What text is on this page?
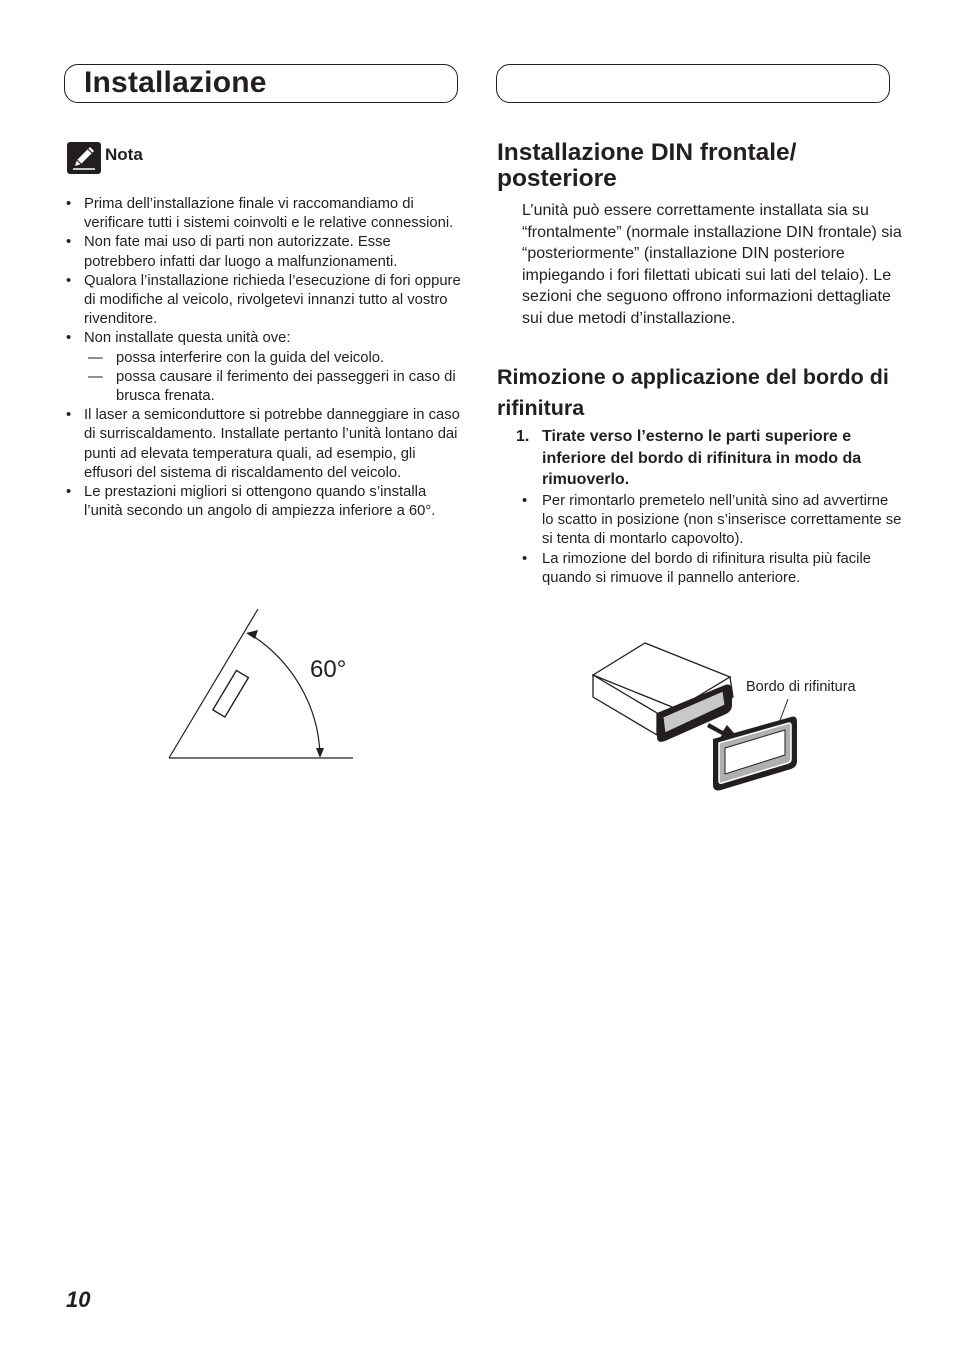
Installazione
Nota
• Prima dell’installazione finale vi raccomandiamo di verificare tutti i sistemi coinvolti e le relative connessioni.
• Non fate mai uso di parti non autorizzate. Esse potrebbero infatti dar luogo a malfunzionamenti.
• Qualora l’installazione richieda l’esecuzione di fori oppure di modifiche al veicolo, rivolgetevi innanzi tutto al vostro rivenditore.
• Non installate questa unità ove:
— possa interferire con la guida del veicolo.
— possa causare il ferimento dei passeggeri in caso di brusca frenata.
• Il laser a semiconduttore si potrebbe danneggiare in caso di surriscaldamento. Installate pertanto l’unità lontano dai punti ad elevata temperatura quali, ad esempio, gli effusori del sistema di riscaldamento del veicolo.
• Le prestazioni migliori si ottengono quando s’installa l’unità secondo un angolo di ampiezza inferiore a 60°.
60°
Installazione DIN frontale/ posteriore

L’unità può essere correttamente installata sia su “frontalmente” (normale installazione DIN frontale) sia “posteriormente” (installazione DIN posteriore impiegando i fori filettati ubicati sui lati del telaio). Le sezioni che seguono offrono informazioni dettagliate sui due metodi d’installazione.

Rimozione o applicazione del bordo di rifinitura
1. Tirate verso l’esterno le parti superiore e inferiore del bordo di rifinitura in modo da rimuoverlo.
• Per rimontarlo premetelo nell’unità sino ad avvertirne lo scatto in posizione (non s’inserisce correttamente se si tenta di montarlo capovolto).
• La rimozione del bordo di rifinitura risulta più facile quando si rimuove il pannello anteriore.
Bordo di rifinitura
10
